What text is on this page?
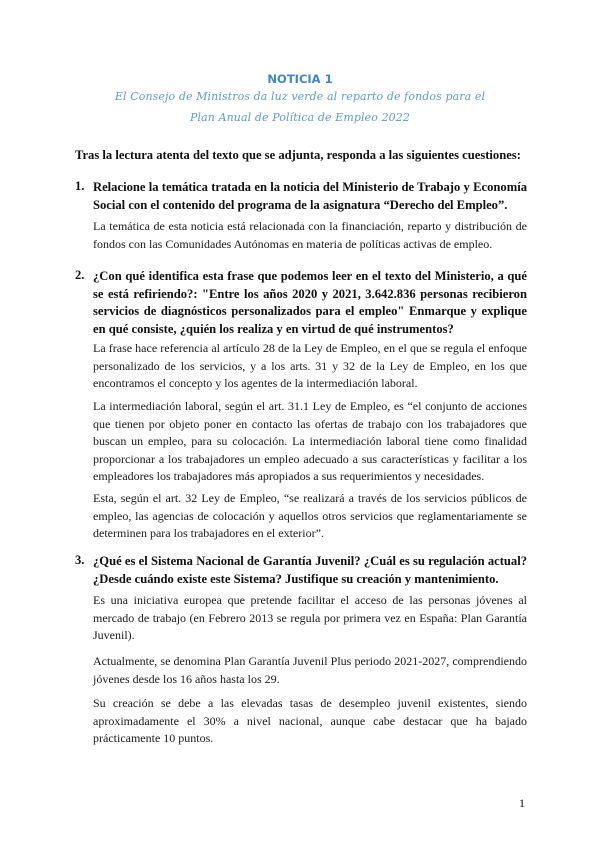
NOTICIA 1
El Consejo de Ministros da luz verde al reparto de fondos para el
Plan Anual de Política de Empleo 2022
Tras la lectura atenta del texto que se adjunta, responda a las siguientes cuestiones:
1. Relacione la temática tratada en la noticia del Ministerio de Trabajo y Economía Social con el contenido del programa de la asignatura “Derecho del Empleo”.
La temática de esta noticia está relacionada con la financiación, reparto y distribución de fondos con las Comunidades Autónomas en materia de políticas activas de empleo.
2. ¿Con qué identifica esta frase que podemos leer en el texto del Ministerio, a qué se está refiriendo?: "Entre los años 2020 y 2021, 3.642.836 personas recibieron servicios de diagnósticos personalizados para el empleo" Enmarque y explique en qué consiste, ¿quién los realiza y en virtud de qué instrumentos?
La frase hace referencia al artículo 28 de la Ley de Empleo, en el que se regula el enfoque personalizado de los servicios, y a los arts. 31 y 32 de la Ley de Empleo, en los que encontramos el concepto y los agentes de la intermediación laboral.
La intermediación laboral, según el art. 31.1 Ley de Empleo, es “el conjunto de acciones que tienen por objeto poner en contacto las ofertas de trabajo con los trabajadores que buscan un empleo, para su colocación. La intermediación laboral tiene como finalidad proporcionar a los trabajadores un empleo adecuado a sus características y facilitar a los empleadores los trabajadores más apropiados a sus requerimientos y necesidades.
Esta, según el art. 32 Ley de Empleo, “se realizará a través de los servicios públicos de empleo, las agencias de colocación y aquellos otros servicios que reglamentariamente se determinen para los trabajadores en el exterior”.
3. ¿Qué es el Sistema Nacional de Garantía Juvenil? ¿Cuál es su regulación actual? ¿Desde cuándo existe este Sistema? Justifique su creación y mantenimiento.
Es una iniciativa europea que pretende facilitar el acceso de las personas jóvenes al mercado de trabajo (en Febrero 2013 se regula por primera vez en España: Plan Garantía Juvenil).
Actualmente, se denomina Plan Garantía Juvenil Plus periodo 2021-2027, comprendiendo jóvenes desde los 16 años hasta los 29.
Su creación se debe a las elevadas tasas de desempleo juvenil existentes, siendo aproximadamente el 30% a nivel nacional, aunque cabe destacar que ha bajado prácticamente 10 puntos.
1
